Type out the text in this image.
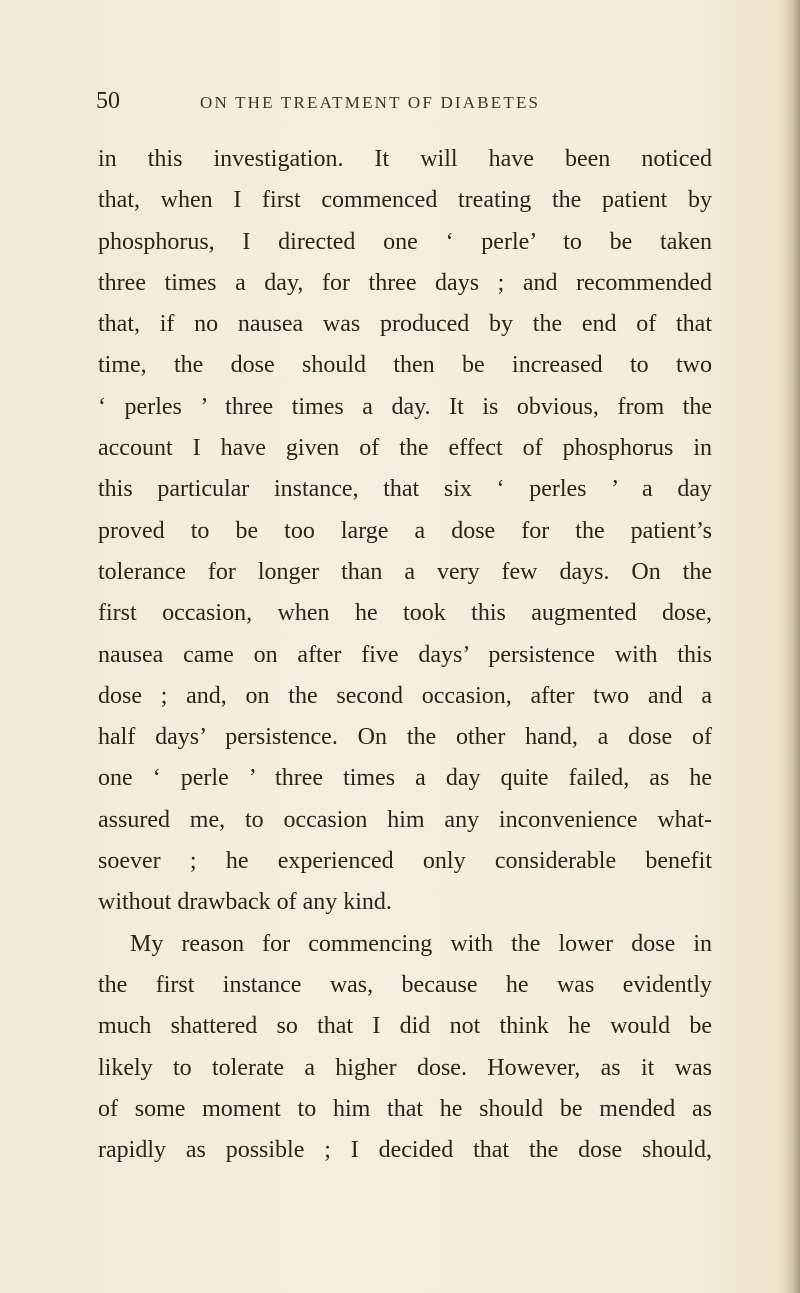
50	ON THE TREATMENT OF DIABETES
in this investigation. It will have been noticed
that, when I first commenced treating the patient by
phosphorus, I directed one ‘ perle’ to be taken
three times a day, for three days ; and recommended
that, if no nausea was produced by the end of that
time, the dose should then be increased to two
‘ perles ’ three times a day. It is obvious, from the
account I have given of the effect of phosphorus in
this particular instance, that six ‘ perles ’ a day
proved to be too large a dose for the patient’s
tolerance for longer than a very few days. On the
first occasion, when he took this augmented dose,
nausea came on after five days’ persistence with this
dose ; and, on the second occasion, after two and a
half days’ persistence. On the other hand, a dose of
one ‘ perle ’ three times a day quite failed, as he
assured me, to occasion him any inconvenience what-
soever ; he experienced only considerable benefit
without drawback of any kind.
My reason for commencing with the lower dose in
the first instance was, because he was evidently
much shattered so that I did not think he would be
likely to tolerate a higher dose. However, as it was
of some moment to him that he should be mended as
rapidly as possible ; I decided that the dose should,
